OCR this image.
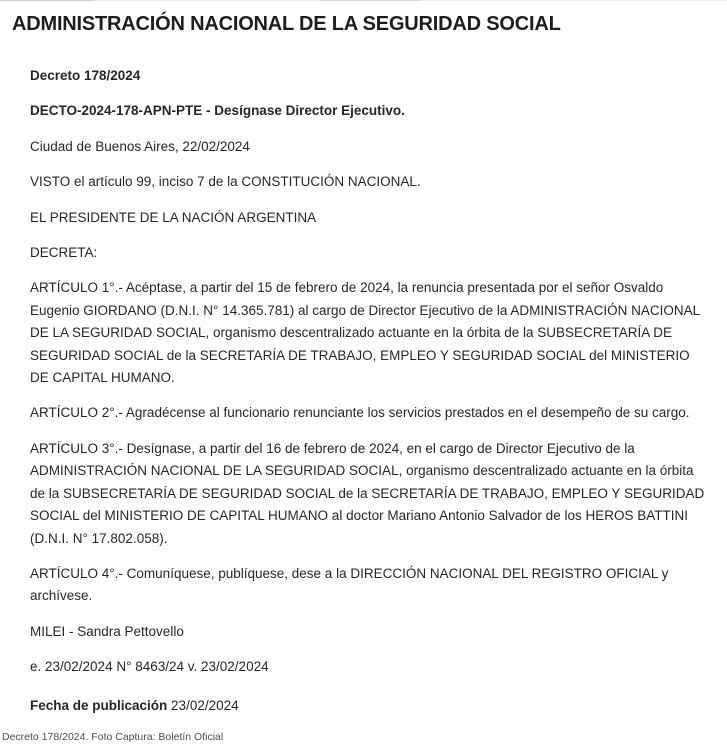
ADMINISTRACIÓN NACIONAL DE LA SEGURIDAD SOCIAL

Decreto 178/2024

DECTO-2024-178-APN-PTE - Desígnase Director Ejecutivo.

Ciudad de Buenos Aires, 22/02/2024

VISTO el artículo 99, inciso 7 de la CONSTITUCIÓN NACIONAL.

EL PRESIDENTE DE LA NACIÓN ARGENTINA

DECRETA:

ARTÍCULO 1°.- Acéptase, a partir del 15 de febrero de 2024, la renuncia presentada por el señor Osvaldo Eugenio GIORDANO (D.N.I. N° 14.365.781) al cargo de Director Ejecutivo de la ADMINISTRACIÓN NACIONAL DE LA SEGURIDAD SOCIAL, organismo descentralizado actuante en la órbita de la SUBSECRETARÍA DE SEGURIDAD SOCIAL de la SECRETARÍA DE TRABAJO, EMPLEO Y SEGURIDAD SOCIAL del MINISTERIO DE CAPITAL HUMANO.

ARTÍCULO 2°.- Agradécense al funcionario renunciante los servicios prestados en el desempeño de su cargo.

ARTÍCULO 3°.- Desígnase, a partir del 16 de febrero de 2024, en el cargo de Director Ejecutivo de la ADMINISTRACIÓN NACIONAL DE LA SEGURIDAD SOCIAL, organismo descentralizado actuante en la órbita de la SUBSECRETARÍA DE SEGURIDAD SOCIAL de la SECRETARÍA DE TRABAJO, EMPLEO Y SEGURIDAD SOCIAL del MINISTERIO DE CAPITAL HUMANO al doctor Mariano Antonio Salvador de los HEROS BATTINI (D.N.I. N° 17.802.058).

ARTÍCULO 4°.- Comuníquese, publíquese, dese a la DIRECCIÓN NACIONAL DEL REGISTRO OFICIAL y archívese.

MILEI - Sandra Pettovello

e. 23/02/2024 N° 8463/24 v. 23/02/2024

Fecha de publicación 23/02/2024

Decreto 178/2024. Foto Captura: Boletín Oficial
